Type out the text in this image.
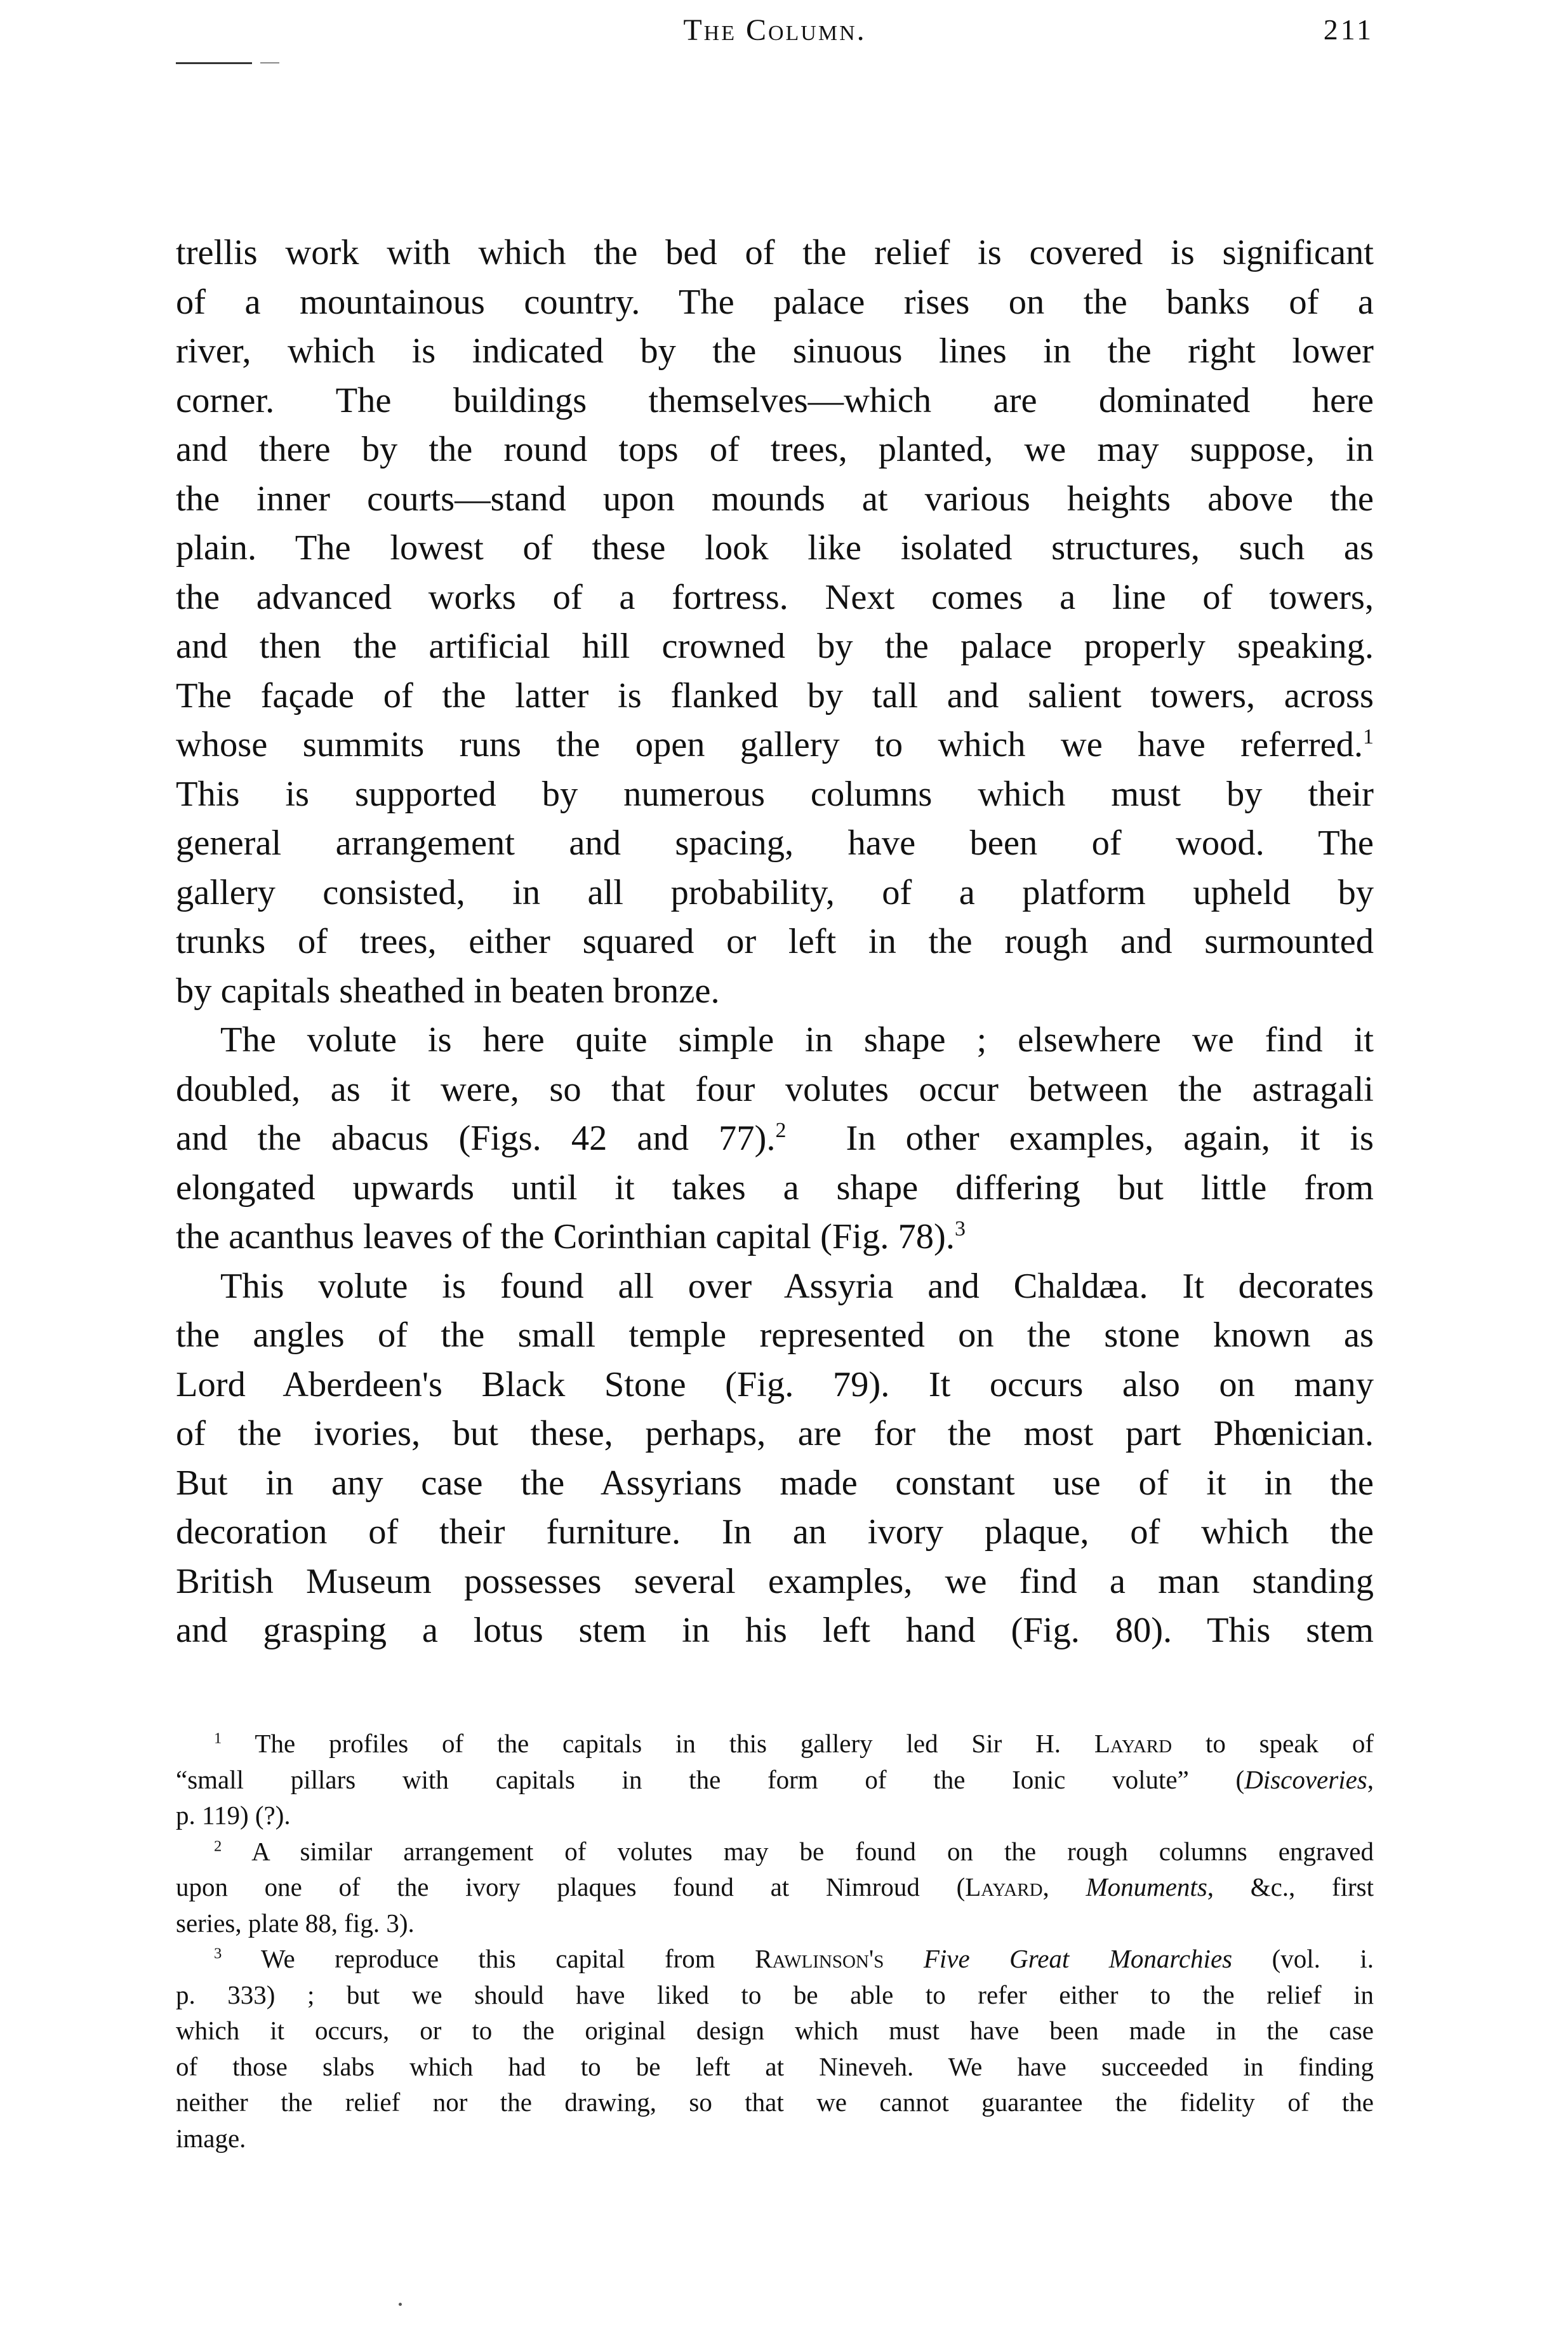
The Column.	211
trellis work with which the bed of the relief is covered is significant
of a mountainous country. The palace rises on the banks of a
river, which is indicated by the sinuous lines in the right lower
corner. The buildings themselves—which are dominated here
and there by the round tops of trees, planted, we may suppose, in
the inner courts—stand upon mounds at various heights above the
plain. The lowest of these look like isolated structures, such as
the advanced works of a fortress. Next comes a line of towers,
and then the artificial hill crowned by the palace properly speaking.
The façade of the latter is flanked by tall and salient towers, across
whose summits runs the open gallery to which we have referred.$^1$
This is supported by numerous columns which must by their
general arrangement and spacing, have been of wood. The
gallery consisted, in all probability, of a platform upheld by
trunks of trees, either squared or left in the rough and surmounted
by capitals sheathed in beaten bronze.
The volute is here quite simple in shape ; elsewhere we find it
doubled, as it were, so that four volutes occur between the astragali
and the abacus (Figs. 42 and 77).$^2$  In other examples, again, it is
elongated upwards until it takes a shape differing but little from
the acanthus leaves of the Corinthian capital (Fig. 78).$^3$
This volute is found all over Assyria and Chaldæa. It decorates
the angles of the small temple represented on the stone known as
Lord Aberdeen's Black Stone (Fig. 79). It occurs also on many
of the ivories, but these, perhaps, are for the most part Phœnician.
But in any case the Assyrians made constant use of it in the
decoration of their furniture. In an ivory plaque, of which the
British Museum possesses several examples, we find a man standing
and grasping a lotus stem in his left hand (Fig. 80). This stem
$^1$ The profiles of the capitals in this gallery led Sir H. Layard to speak of
“small pillars with capitals in the form of the Ionic volute” (Discoveries,
p. 119) (?).
$^2$ A similar arrangement of volutes may be found on the rough columns engraved
upon one of the ivory plaques found at Nimroud (Layard, Monuments, &c., first
series, plate 88, fig. 3).
$^3$ We reproduce this capital from Rawlinson's Five Great Monarchies (vol. i.
p. 333) ; but we should have liked to be able to refer either to the relief in
which it occurs, or to the original design which must have been made in the case
of those slabs which had to be left at Nineveh. We have succeeded in finding
neither the relief nor the drawing, so that we cannot guarantee the fidelity of the
image.
